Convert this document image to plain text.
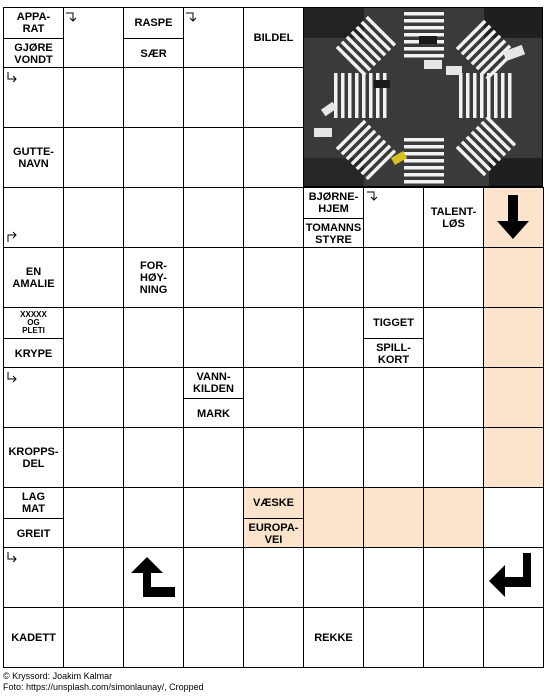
APPA-
RAT
GJØRE
VONDT
RASPE
SÆR
BILDEL
GUTTE-
NAVN
BJØRNE-
HJEM
TOMANNS
STYRE
TALENT-
LØS
EN
AMALIE
FOR-
HØY-
NING
XXXXX
OG
PLETI
KRYPE
TIGGET
SPILL-
KORT
VANN-
KILDEN
MARK
KROPPS-
DEL
LAG
MAT
GREIT
VÆSKE
EUROPA-
VEI
KADETT	REKKE
© Kryssord: Joakim Kalmar
Foto: https://unsplash.com/simonlaunay/, Cropped
